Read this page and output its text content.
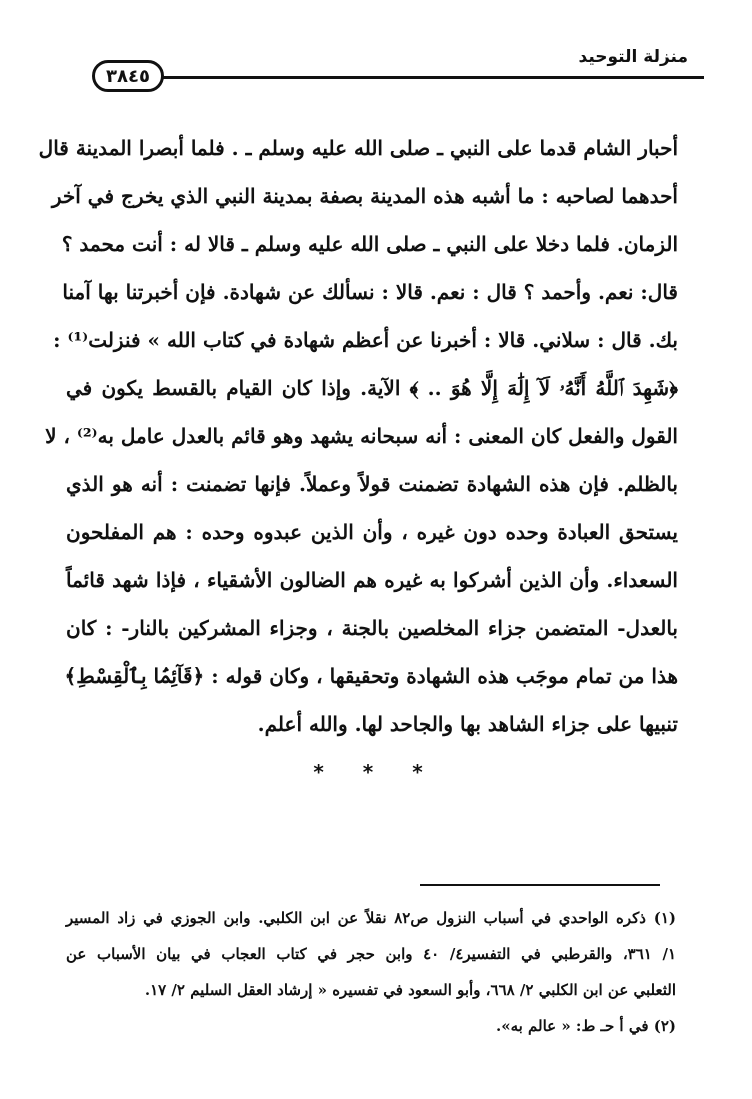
منزلة التوحيد
٣٨٤٥
أحبار الشام قدما على النبي ـ صلى الله عليه وسلم ـ . فلما أبصرا المدينة قال
أحدهما لصاحبه : ما أشبه هذه المدينة بصفة بمدينة النبي الذي يخرج في آخر
الزمان. فلما دخلا على النبي ـ صلى الله عليه وسلم ـ قالا له : أنت محمد ؟
قال: نعم. وأحمد ؟ قال : نعم. قالا : نسألك عن شهادة. فإن أخبرتنا بها آمنا
بك. قال : سلاني. قالا : أخبرنا عن أعظم شهادة في كتاب الله » فنزلت⁽¹⁾ :
﴿شَهِدَ ٱللَّهُ أَنَّهُۥ لَآ إِلَٰهَ إِلَّا هُوَ .. ﴾ الآية. وإذا كان القيام بالقسط يكون في
القول والفعل كان المعنى : أنه سبحانه يشهد وهو قائم بالعدل عامل به⁽²⁾ ، لا
بالظلم. فإن هذه الشهادة تضمنت قولاً وعملاً. فإنها تضمنت : أنه هو الذي
يستحق العبادة وحده دون غيره ، وأن الذين عبدوه وحده : هم المفلحون
السعداء. وأن الذين أشركوا به غيره هم الضالون الأشقياء ، فإذا شهد قائماً
بالعدل- المتضمن جزاء المخلصين بالجنة ، وجزاء المشركين بالنار- : كان
هذا من تمام موجَب هذه الشهادة وتحقيقها ، وكان قوله : ﴿قَآئِمَۢا بِٱلْقِسْطِ﴾
تنبيها على جزاء الشاهد بها والجاحد لها. والله أعلم.
* * *
(١) ذكره الواحدي في أسباب النزول ص٨٢ نقلاً عن ابن الكلبي. وابن الجوزي في زاد المسير
١/ ٣٦١، والقرطبي في التفسير٤/ ٤٠ وابن حجر في كتاب العجاب في بيان الأسباب عن
الثعلبي عن ابن الكلبي ٢/ ٦٦٨، وأبو السعود في تفسيره « إرشاد العقل السليم ٢/ ١٧.
(٢) في أ حـ ط: « عالم به».
